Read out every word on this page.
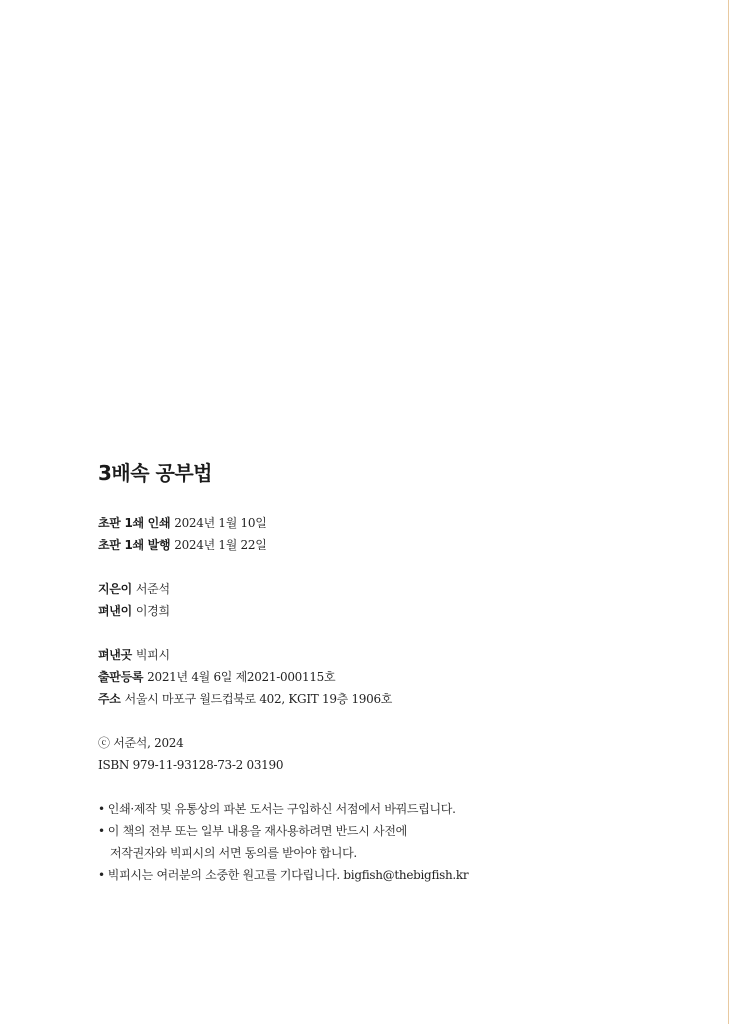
3배속 공부법
초판 1쇄 인쇄 2024년 1월 10일
초판 1쇄 발행 2024년 1월 22일
지은이 서준석
펴낸이 이경희
펴낸곳 빅피시
출판등록 2021년 4월 6일 제2021-000115호
주소 서울시 마포구 월드컵북로 402, KGIT 19층 1906호
ⓒ 서준석, 2024
ISBN 979-11-93128-73-2 03190
• 인쇄·제작 및 유통상의 파본 도서는 구입하신 서점에서 바꿔드립니다.
• 이 책의 전부 또는 일부 내용을 재사용하려면 반드시 사전에
저작권자와 빅피시의 서면 동의를 받아야 합니다.
• 빅피시는 여러분의 소중한 원고를 기다립니다. bigfish@thebigfish.kr
